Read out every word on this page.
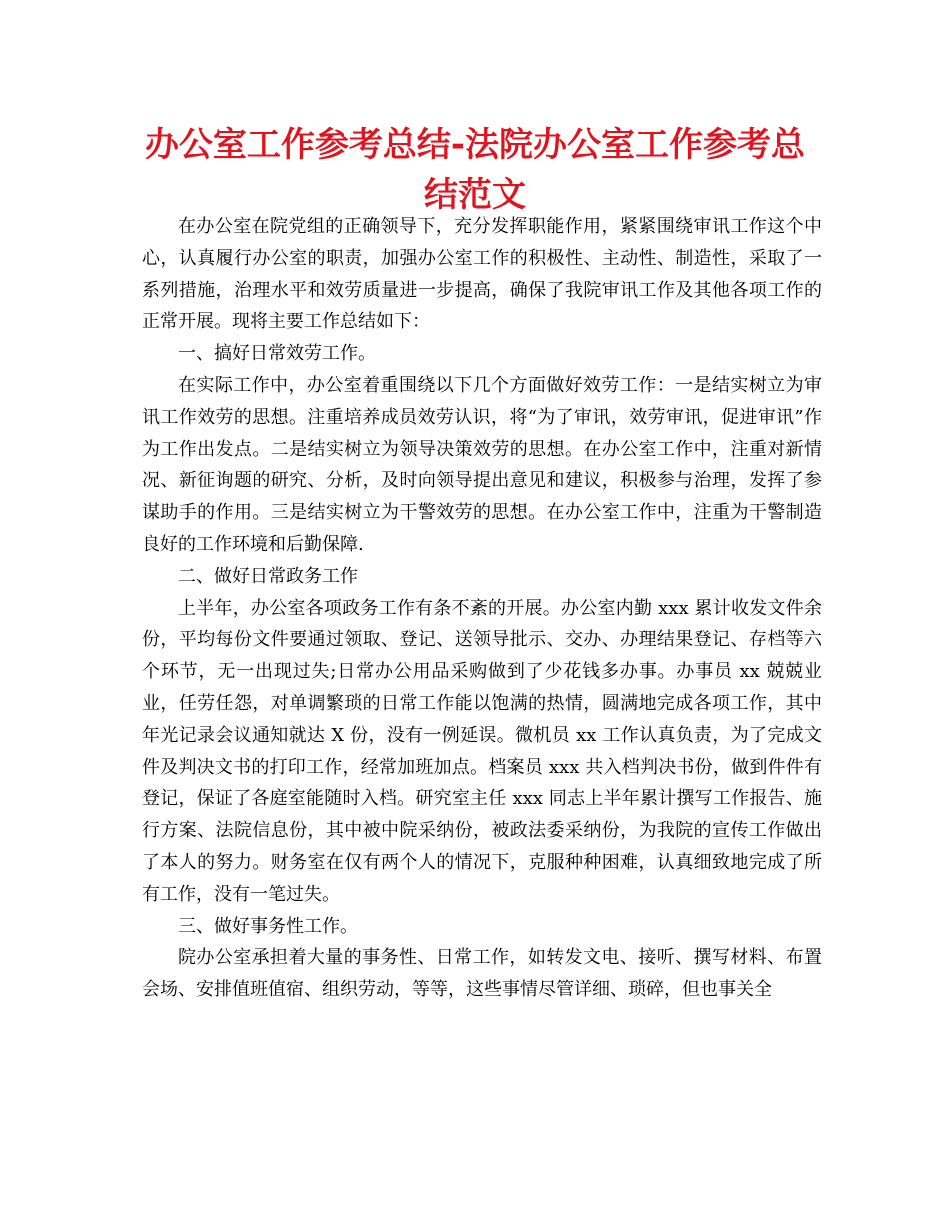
办公室工作参考总结-法院办公室工作参考总结范文

在办公室在院党组的正确领导下，充分发挥职能作用，紧紧围绕审讯工作这个中心，认真履行办公室的职责，加强办公室工作的积极性、主动性、制造性，采取了一系列措施，治理水平和效劳质量进一步提高，确保了我院审讯工作及其他各项工作的正常开展。现将主要工作总结如下：

一、搞好日常效劳工作。

在实际工作中，办公室着重围绕以下几个方面做好效劳工作：一是结实树立为审讯工作效劳的思想。注重培养成员效劳认识，将“为了审讯，效劳审讯，促进审讯”作为工作出发点。二是结实树立为领导决策效劳的思想。在办公室工作中，注重对新情况、新征询题的研究、分析，及时向领导提出意见和建议，积极参与治理，发挥了参谋助手的作用。三是结实树立为干警效劳的思想。在办公室工作中，注重为干警制造良好的工作环境和后勤保障.

二、做好日常政务工作

上半年，办公室各项政务工作有条不紊的开展。办公室内勤 xxx 累计收发文件余份，平均每份文件要通过领取、登记、送领导批示、交办、办理结果登记、存档等六个环节，无一出现过失;日常办公用品采购做到了少花钱多办事。办事员 xx 兢兢业业，任劳任怨，对单调繁琐的日常工作能以饱满的热情，圆满地完成各项工作，其中年光记录会议通知就达 X 份，没有一例延误。微机员 xx 工作认真负责，为了完成文件及判决文书的打印工作，经常加班加点。档案员 xxx 共入档判决书份，做到件件有登记，保证了各庭室能随时入档。研究室主任 xxx 同志上半年累计撰写工作报告、施行方案、法院信息份，其中被中院采纳份，被政法委采纳份，为我院的宣传工作做出了本人的努力。财务室在仅有两个人的情况下，克服种种困难，认真细致地完成了所有工作，没有一笔过失。

三、做好事务性工作。

院办公室承担着大量的事务性、日常工作，如转发文电、接听、撰写材料、布置会场、安排值班值宿、组织劳动，等等，这些事情尽管详细、琐碎，但也事关全
